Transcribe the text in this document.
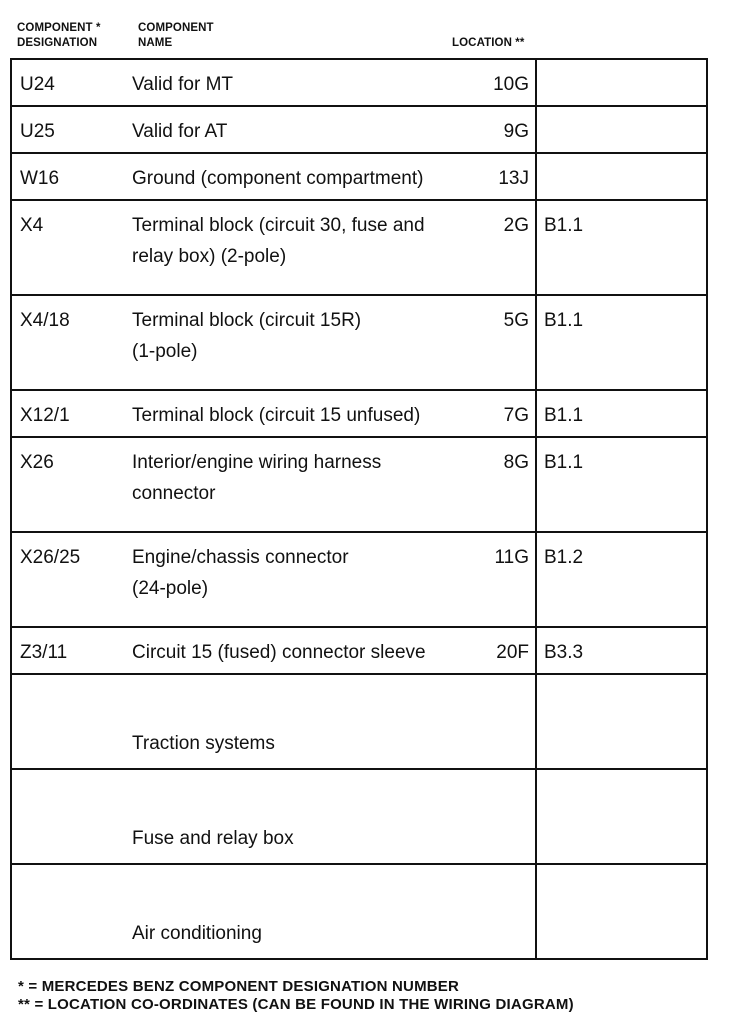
COMPONENT *
DESIGNATION
COMPONENT
NAME	LOCATION **
U24	Valid for MT	10G	
U25	Valid for AT	9G	
W16	Ground (component compartment)	13J	
X4	Terminal block (circuit 30, fuse and
relay box) (2-pole)	2G	B1.1
X4/18	Terminal block (circuit 15R)
(1-pole)	5G	B1.1
X12/1	Terminal block (circuit 15 unfused)	7G	B1.1
X26	Interior/engine wiring harness
connector	8G	B1.1
X26/25	Engine/chassis connector
(24-pole)	11G	B1.2
Z3/11	Circuit 15 (fused) connector sleeve	20F	B3.3
	Traction systems		
	Fuse and relay box		
	Air conditioning		
* = MERCEDES BENZ COMPONENT DESIGNATION NUMBER
** = LOCATION CO-ORDINATES (CAN BE FOUND IN THE WIRING DIAGRAM)
